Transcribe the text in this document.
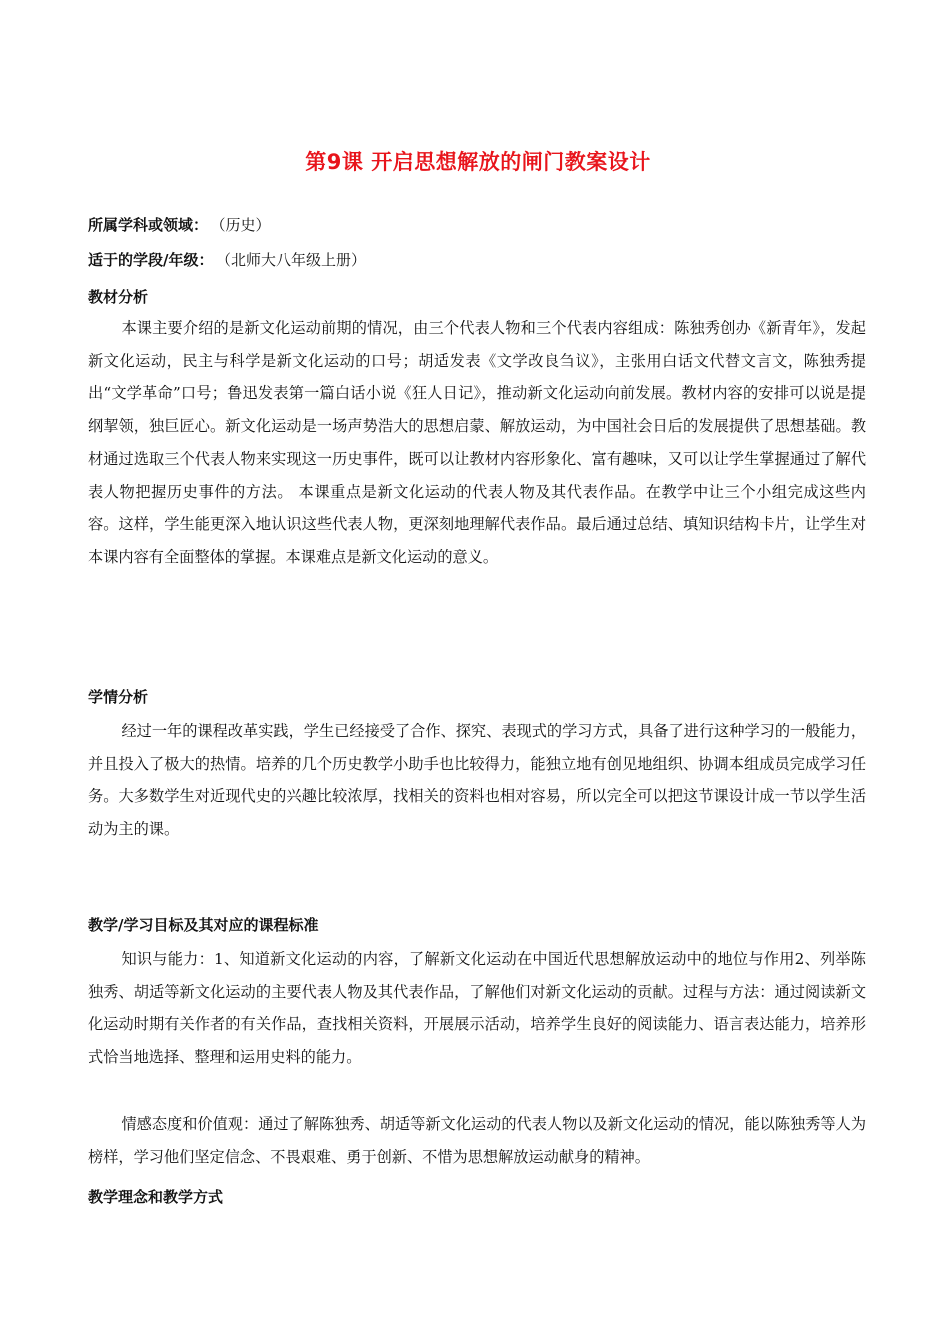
第9课 开启思想解放的闸门教案设计
所属学科或领域： （历史）
适于的学段/年级： （北师大八年级上册）
教材分析

本课主要介绍的是新文化运动前期的情况，由三个代表人物和三个代表内容组成：陈独秀创办《新青年》，发起新文化运动，民主与科学是新文化运动的口号；胡适发表《文学改良刍议》，主张用白话文代替文言文，陈独秀提出“文学革命”口号；鲁迅发表第一篇白话小说《狂人日记》，推动新文化运动向前发展。教材内容的安排可以说是提纲挈领，独巨匠心。新文化运动是一场声势浩大的思想启蒙、解放运动，为中国社会日后的发展提供了思想基础。教材通过选取三个代表人物来实现这一历史事件，既可以让教材内容形象化、富有趣味，又可以让学生掌握通过了解代表人物把握历史事件的方法。 本课重点是新文化运动的代表人物及其代表作品。在教学中让三个小组完成这些内容。这样，学生能更深入地认识这些代表人物，更深刻地理解代表作品。最后通过总结、填知识结构卡片，让学生对本课内容有全面整体的掌握。本课难点是新文化运动的意义。

学情分析

经过一年的课程改革实践，学生已经接受了合作、探究、表现式的学习方式，具备了进行这种学习的一般能力，并且投入了极大的热情。培养的几个历史教学小助手也比较得力，能独立地有创见地组织、协调本组成员完成学习任务。大多数学生对近现代史的兴趣比较浓厚，找相关的资料也相对容易，所以完全可以把这节课设计成一节以学生活动为主的课。

教学/学习目标及其对应的课程标准

知识与能力：1、知道新文化运动的内容，了解新文化运动在中国近代思想解放运动中的地位与作用2、列举陈独秀、胡适等新文化运动的主要代表人物及其代表作品，了解他们对新文化运动的贡献。过程与方法：通过阅读新文化运动时期有关作者的有关作品，查找相关资料，开展展示活动，培养学生良好的阅读能力、语言表达能力，培养形式恰当地选择、整理和运用史料的能力。

情感态度和价值观：通过了解陈独秀、胡适等新文化运动的代表人物以及新文化运动的情况，能以陈独秀等人为榜样，学习他们坚定信念、不畏艰难、勇于创新、不惜为思想解放运动献身的精神。

教学理念和教学方式
